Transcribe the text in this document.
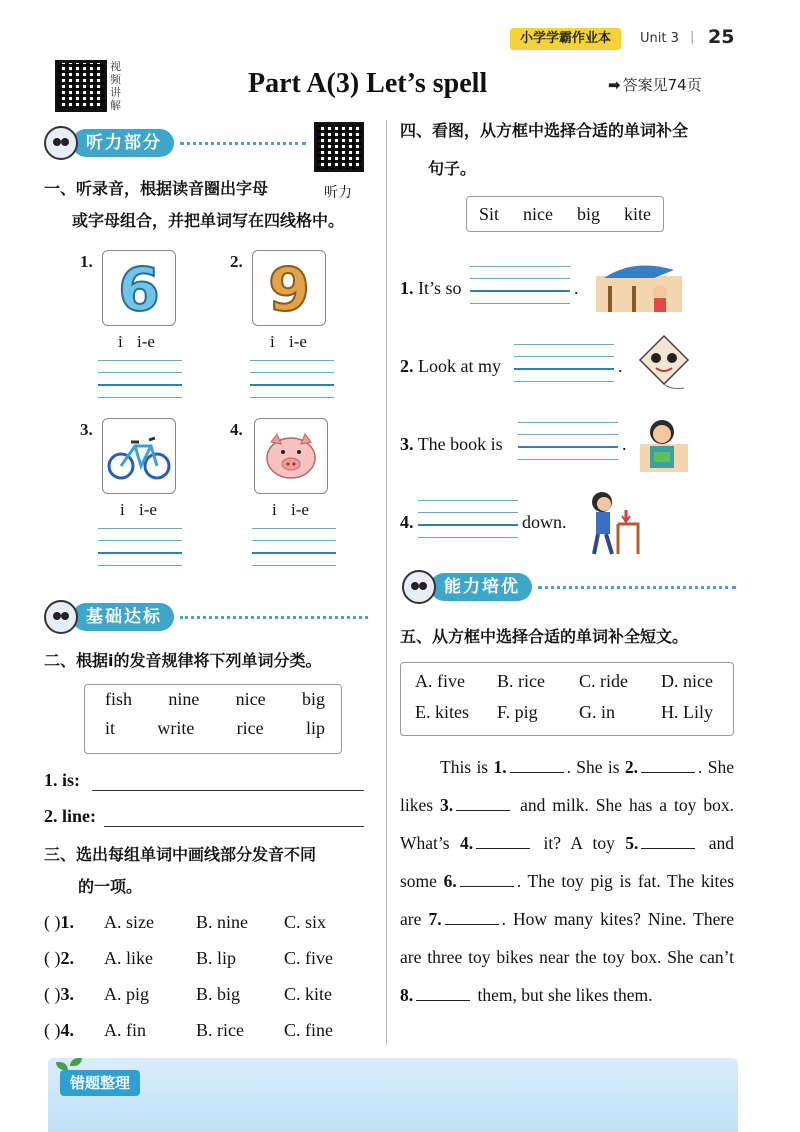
小学学霸作业本	Unit 3 | 25
视频讲解
Part A(3) Let’s spell	➡ 答案见74页
听力部分
听力
一、听录音，根据读音圈出字母
或字母组合，并把单词写在四线格中。
1. 6
i i-e
2. 9
i i-e
3.
i i-e
4.
i i-e
基础达标
二、根据i的发音规律将下列单词分类。
fish nine nice big
it write rice lip
1. is:
2. line:
三、选出每组单词中画线部分发音不同
的一项。
( )1. A. size B. nine C. six
( )2. A. like B. lip	C. five
( )3. A. pig	B. big C. kite
( )4. A. fin	B. rice C. fine
四、看图，从方框中选择合适的单词补全
句子。
Sit nice big kite
1. It’s so	.
2. Look at my	.
3. The book is	.
4.	down.
能力培优
五、从方框中选择合适的单词补全短文。
A. five	B. rice	C. ride	D. nice
E. kites	F. pig	G. in	H. Lily
This is 1.	. She is 2.	. She likes 3.	and milk. She has a toy box. What’s 4.	it? A toy 5.	and some 6.	. The toy pig is fat. The kites are 7.	. How many kites? Nine. There are three toy bikes near the toy box. She can’t 8.	them, but she likes them.
错题整理
